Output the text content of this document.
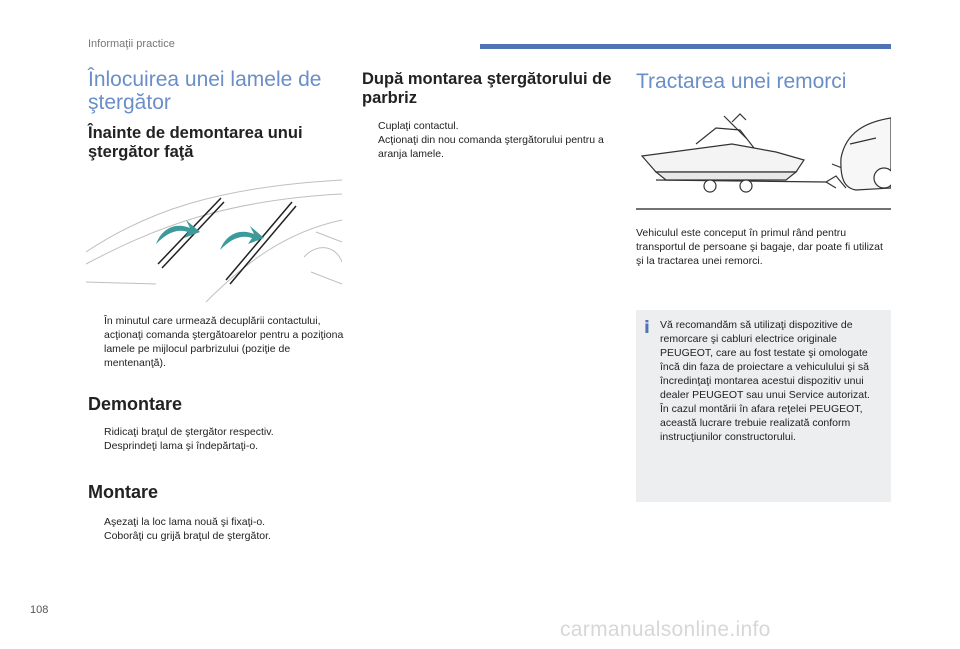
Informaţii practice
Înlocuirea unei lamele de ştergător
Înainte de demontarea unui ştergător faţă
În minutul care urmează decuplării contactului, acţionaţi comanda ştergătoarelor pentru a poziţiona lamele pe mijlocul parbrizului (poziţie de mentenanţă).
Demontare
Ridicaţi braţul de ştergător respectiv.
Desprindeţi lama şi îndepărtaţi-o.
Montare
Aşezaţi la loc lama nouă şi fixaţi-o.
Coborâţi cu grijă braţul de ştergător.
După montarea ştergătorului de parbriz
Cuplaţi contactul.
Acţionaţi din nou comanda ştergătorului pentru a aranja lamele.
Tractarea unei remorci
Vehiculul este conceput în primul rând pentru transportul de persoane şi bagaje, dar poate fi utilizat şi la tractarea unei remorci.
i Vă recomandăm să utilizaţi dispozitive de remorcare şi cabluri electrice originale PEUGEOT, care au fost testate şi omologate încă din faza de proiectare a vehiculului şi să încredinţaţi montarea acestui dispozitiv unui dealer PEUGEOT sau unui Service autorizat.
În cazul montării în afara reţelei PEUGEOT, această lucrare trebuie realizată conform instrucţiunilor constructorului.
108
carmanualsonline.info
